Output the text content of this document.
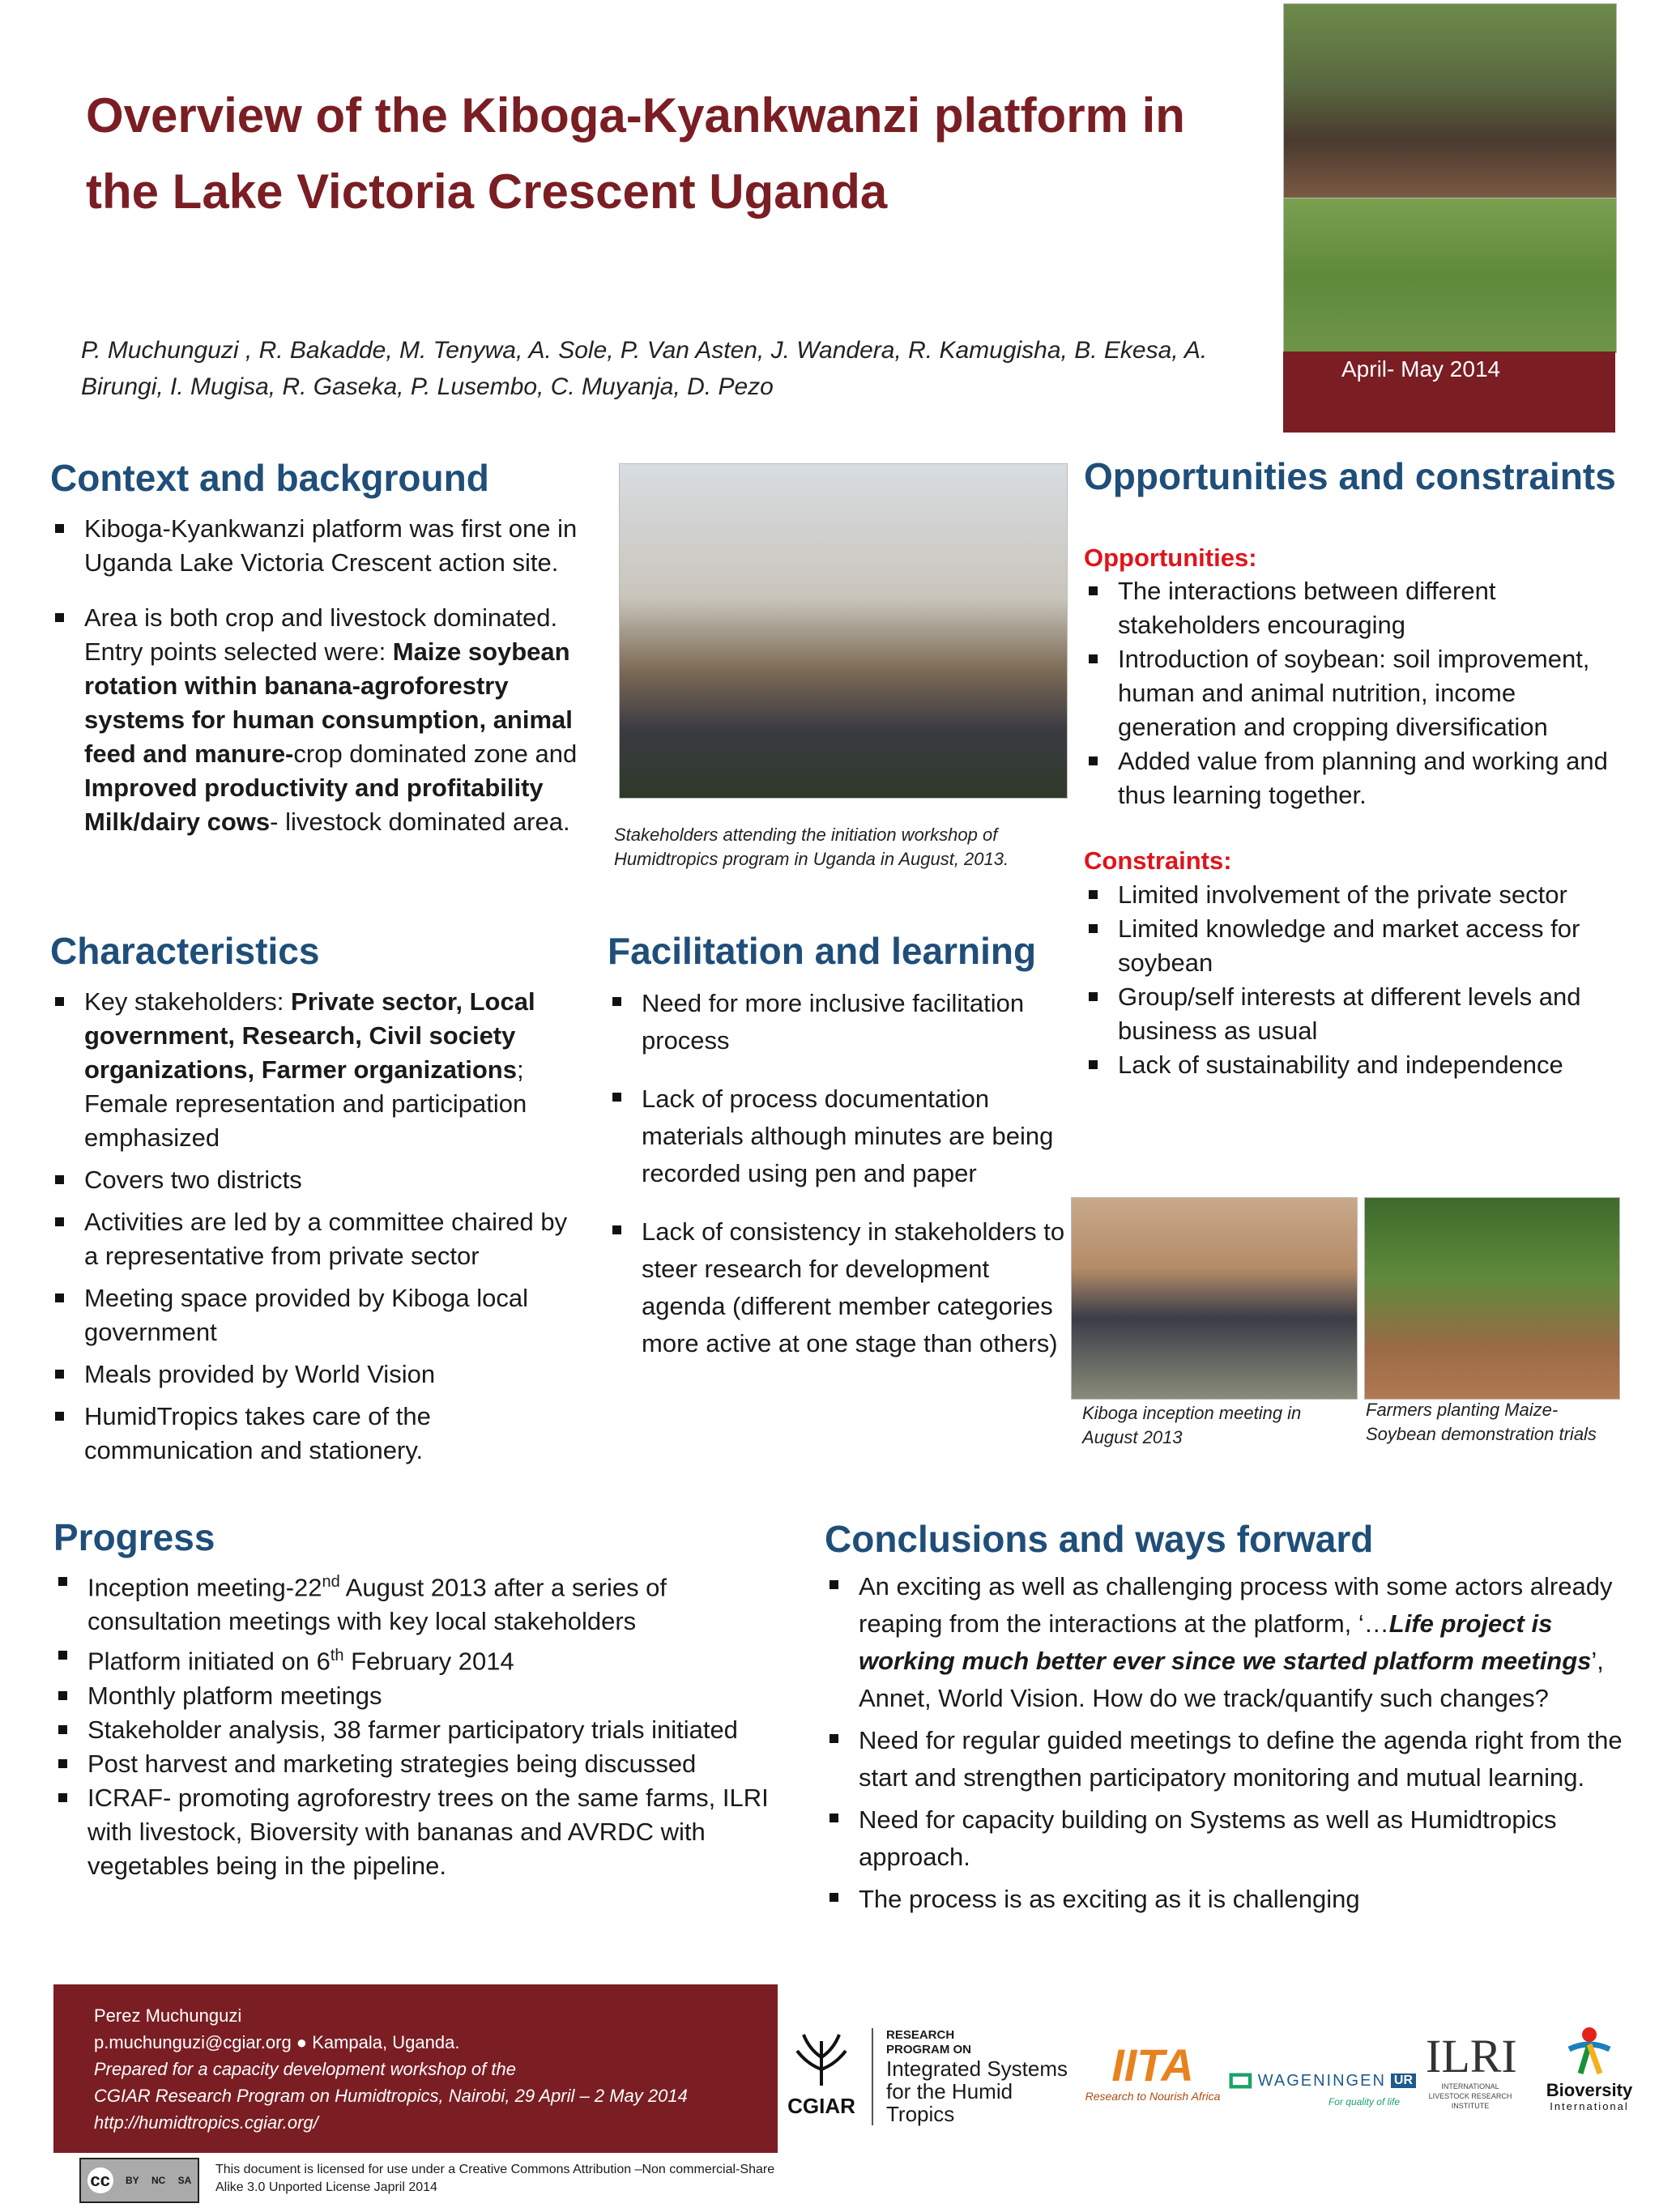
Overview of the Kiboga-Kyankwanzi platform in the Lake Victoria Crescent Uganda
P. Muchunguzi , R. Bakadde, M. Tenywa, A. Sole, P. Van Asten, J. Wandera, R. Kamugisha, B. Ekesa, A. Birungi, I. Mugisa, R. Gaseka, P. Lusembo, C. Muyanja, D. Pezo
April- May 2014
Context and background
Kiboga-Kyankwanzi platform was first one in Uganda Lake Victoria Crescent action site.
Area is both crop and livestock dominated. Entry points selected were: Maize soybean rotation within banana-agroforestry systems for human consumption, animal feed and manure-crop dominated zone and Improved productivity and profitability Milk/dairy cows- livestock dominated area.	Stakeholders attending the initiation workshop of Humidtropics program in Uganda in August, 2013.
Opportunities and constraints
Opportunities:
The interactions between different stakeholders encouraging
Introduction of soybean: soil improvement, human and animal nutrition, income generation and cropping diversification
Added value from planning and working and thus learning together.
Constraints:
Limited involvement of the private sector
Limited knowledge and market access for soybean
Group/self interests at different levels and business as usual
Lack of sustainability and independence
Characteristics
Key stakeholders: Private sector, Local government, Research, Civil society organizations, Farmer organizations; Female representation and participation emphasized
Covers two districts
Activities are led by a committee chaired by a representative from private sector
Meeting space provided by Kiboga local government
Meals provided by World Vision
HumidTropics takes care of the communication and stationery.
Facilitation and learning
Need for more inclusive facilitation process
Lack of process documentation materials although minutes are being recorded using pen and paper
Lack of consistency in stakeholders to steer research for development agenda (different member categories more active at one stage than others)
Kiboga inception meeting in August 2013
Farmers planting Maize-Soybean demonstration trials
Progress
Inception meeting-22nd August 2013 after a series of consultation meetings with key local stakeholders
Platform initiated on 6th February 2014
Monthly platform meetings
Stakeholder analysis, 38 farmer participatory trials initiated
Post harvest and marketing strategies being discussed
ICRAF- promoting agroforestry trees on the same farms, ILRI with livestock, Bioversity with bananas and AVRDC with vegetables being in the pipeline.
Conclusions and ways forward
An exciting as well as challenging process with some actors already reaping from the interactions at the platform, ‘…Life project is working much better ever since we started platform meetings’, Annet, World Vision. How do we track/quantify such changes?
Need for regular guided meetings to define the agenda right from the start and strengthen participatory monitoring and mutual learning.
Need for capacity building on Systems as well as Humidtropics approach.
The process is as exciting as it is challenging
Perez Muchunguzi
p.muchunguzi@cgiar.org ● Kampala, Uganda.
Prepared for a capacity development workshop of the
CGIAR Research Program on Humidtropics, Nairobi, 29 April – 2 May 2014
http://humidtropics.cgiar.org/
CGIAR
RESEARCH
PROGRAM ON
Integrated Systems
for the Humid
Tropics
IITA
Research to Nourish Africa
WAGENINGEN UR
For quality of life
ILRI
INTERNATIONAL LIVESTOCK RESEARCH INSTITUTE
Bioversity
International
cc	BY NC SA
This document is licensed for use under a Creative Commons Attribution –Non commercial-Share Alike 3.0 Unported License Japril 2014
